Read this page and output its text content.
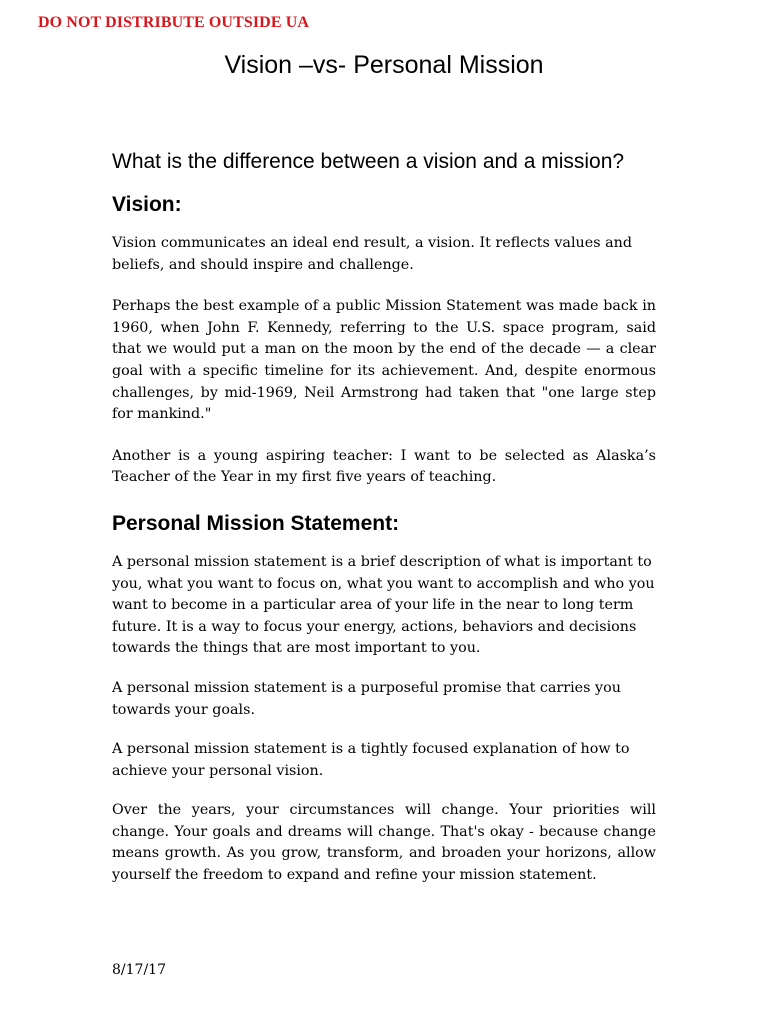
DO NOT DISTRIBUTE OUTSIDE UA
Vision –vs- Personal Mission
What is the difference between a vision and a mission?
Vision:

Vision communicates an ideal end result, a vision. It reflects values and beliefs, and should inspire and challenge.

Perhaps the best example of a public Mission Statement was made back in 1960, when John F. Kennedy, referring to the U.S. space program, said that we would put a man on the moon by the end of the decade — a clear goal with a specific timeline for its achievement. And, despite enormous challenges, by mid-1969, Neil Armstrong had taken that "one large step for mankind."

Another is a young aspiring teacher: I want to be selected as Alaska’s Teacher of the Year in my first five years of teaching.

Personal Mission Statement:

A personal mission statement is a brief description of what is important to you, what you want to focus on, what you want to accomplish and who you want to become in a particular area of your life in the near to long term future. It is a way to focus your energy, actions, behaviors and decisions towards the things that are most important to you.

A personal mission statement is a purposeful promise that carries you towards your goals.

A personal mission statement is a tightly focused explanation of how to achieve your personal vision.

Over the years, your circumstances will change. Your priorities will change. Your goals and dreams will change. That's okay - because change means growth. As you grow, transform, and broaden your horizons, allow yourself the freedom to expand and refine your mission statement.

8/17/17
